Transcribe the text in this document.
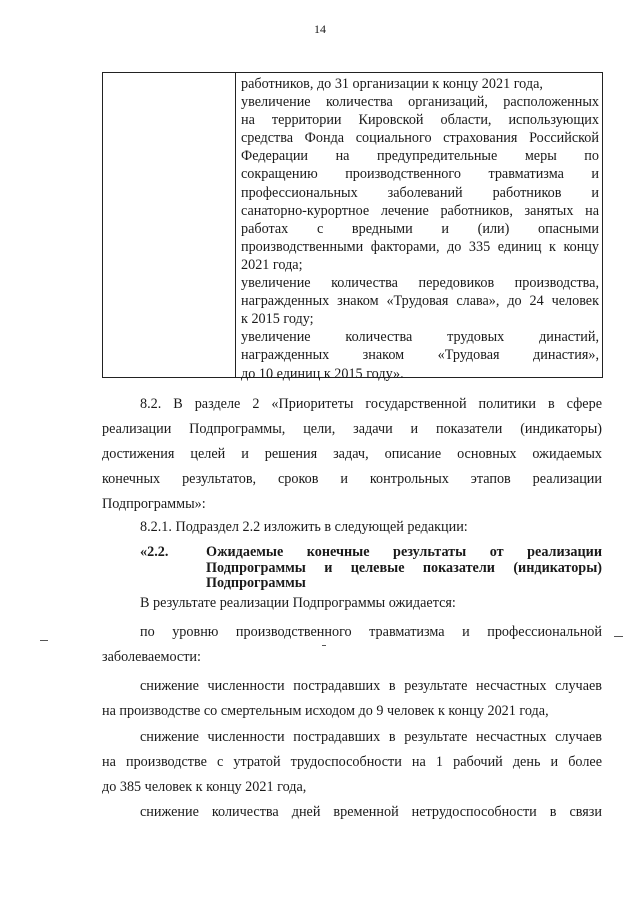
14
работников, до 31 организации к концу 2021 года,
увеличение количества организаций, расположенных
на территории Кировской области, использующих
средства Фонда социального страхования Российской
Федерации на предупредительные меры по
сокращению производственного травматизма и
профессиональных заболеваний работников и
санаторно-курортное лечение работников, занятых на
работах с вредными и (или) опасными
производственными факторами, до 335 единиц к концу
2021 года;
увеличение количества передовиков производства,
награжденных знаком «Трудовая слава», до 24 человек
к 2015 году;
увеличение количества трудовых династий,
награжденных знаком «Трудовая династия»,
до 10 единиц к 2015 году».
8.2. В разделе 2 «Приоритеты государственной политики в сфере
реализации Подпрограммы, цели, задачи и показатели (индикаторы)
достижения целей и решения задач, описание основных ожидаемых
конечных результатов, сроков и контрольных этапов реализации
Подпрограммы»:
8.2.1. Подраздел 2.2 изложить в следующей редакции:
«2.2.	Ожидаемые конечные результаты от реализации
Подпрограммы и целевые показатели (индикаторы)
Подпрограммы
В результате реализации Подпрограммы ожидается:
по уровню производственного травматизма и профессиональной
заболеваемости:
снижение численности пострадавших в результате несчастных случаев
на производстве со смертельным исходом до 9 человек к концу 2021 года,
снижение численности пострадавших в результате несчастных случаев
на производстве с утратой трудоспособности на 1 рабочий день и более
до 385 человек к концу 2021 года,
снижение количества дней временной нетрудоспособности в связи
